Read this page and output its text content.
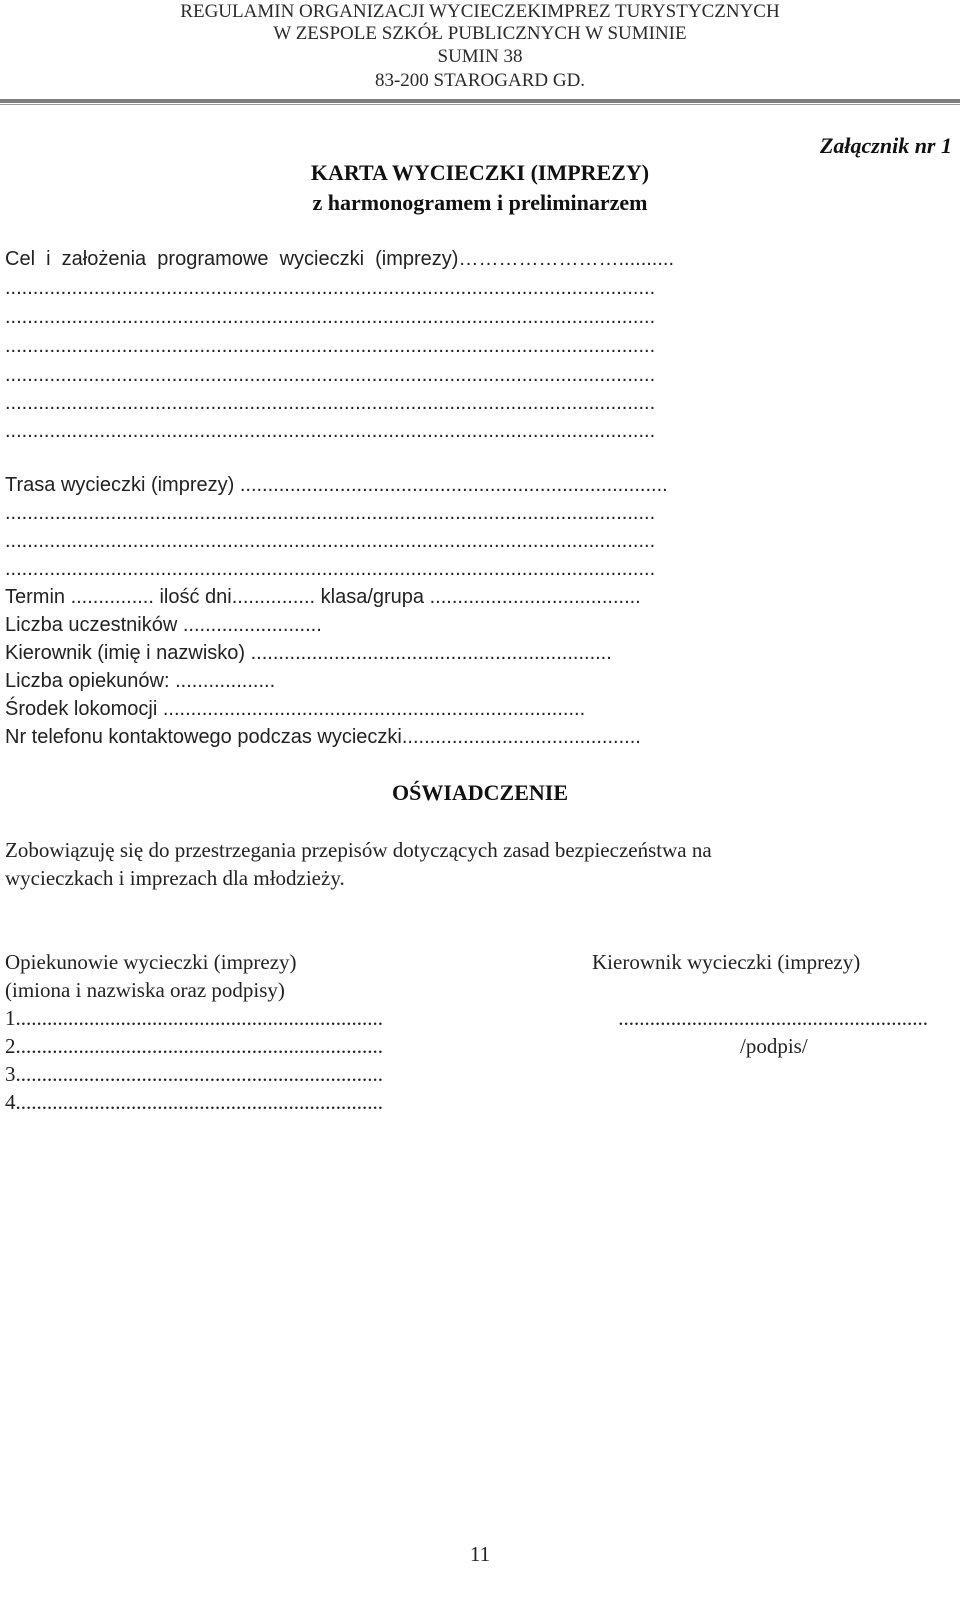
REGULAMIN ORGANIZACJI WYCIECZEKIMPREZ TURYSTYCZNYCH
W ZESPOLE SZKÓŁ PUBLICZNYCH W SUMINIE
SUMIN 38
83-200 STAROGARD GD.
Załącznik nr 1
KARTA WYCIECZKI (IMPREZY)
z harmonogramem i preliminarzem
Cel  i  założenia  programowe  wycieczki  (imprezy)……………………..........
.....................................................................................................................
.....................................................................................................................
.....................................................................................................................
.....................................................................................................................
.....................................................................................................................
.....................................................................................................................
Trasa wycieczki (imprezy) .............................................................................
.....................................................................................................................
.....................................................................................................................
.....................................................................................................................
Termin ............... ilość dni............... klasa/grupa ......................................
Liczba uczestników .........................
Kierownik (imię i nazwisko) .................................................................
Liczba opiekunów: ..................
Środek lokomocji ............................................................................
Nr telefonu kontaktowego podczas wycieczki...........................................
OŚWIADCZENIE
Zobowiązuję się do przestrzegania przepisów dotyczących zasad bezpieczeństwa na
wycieczkach i imprezach dla młodzieży.
Opiekunowie wycieczki (imprezy)
(imiona i nazwiska oraz podpisy)
1......................................................................
2......................................................................
3......................................................................
4......................................................................
Kierownik wycieczki (imprezy)
...........................................................
/podpis/
11
